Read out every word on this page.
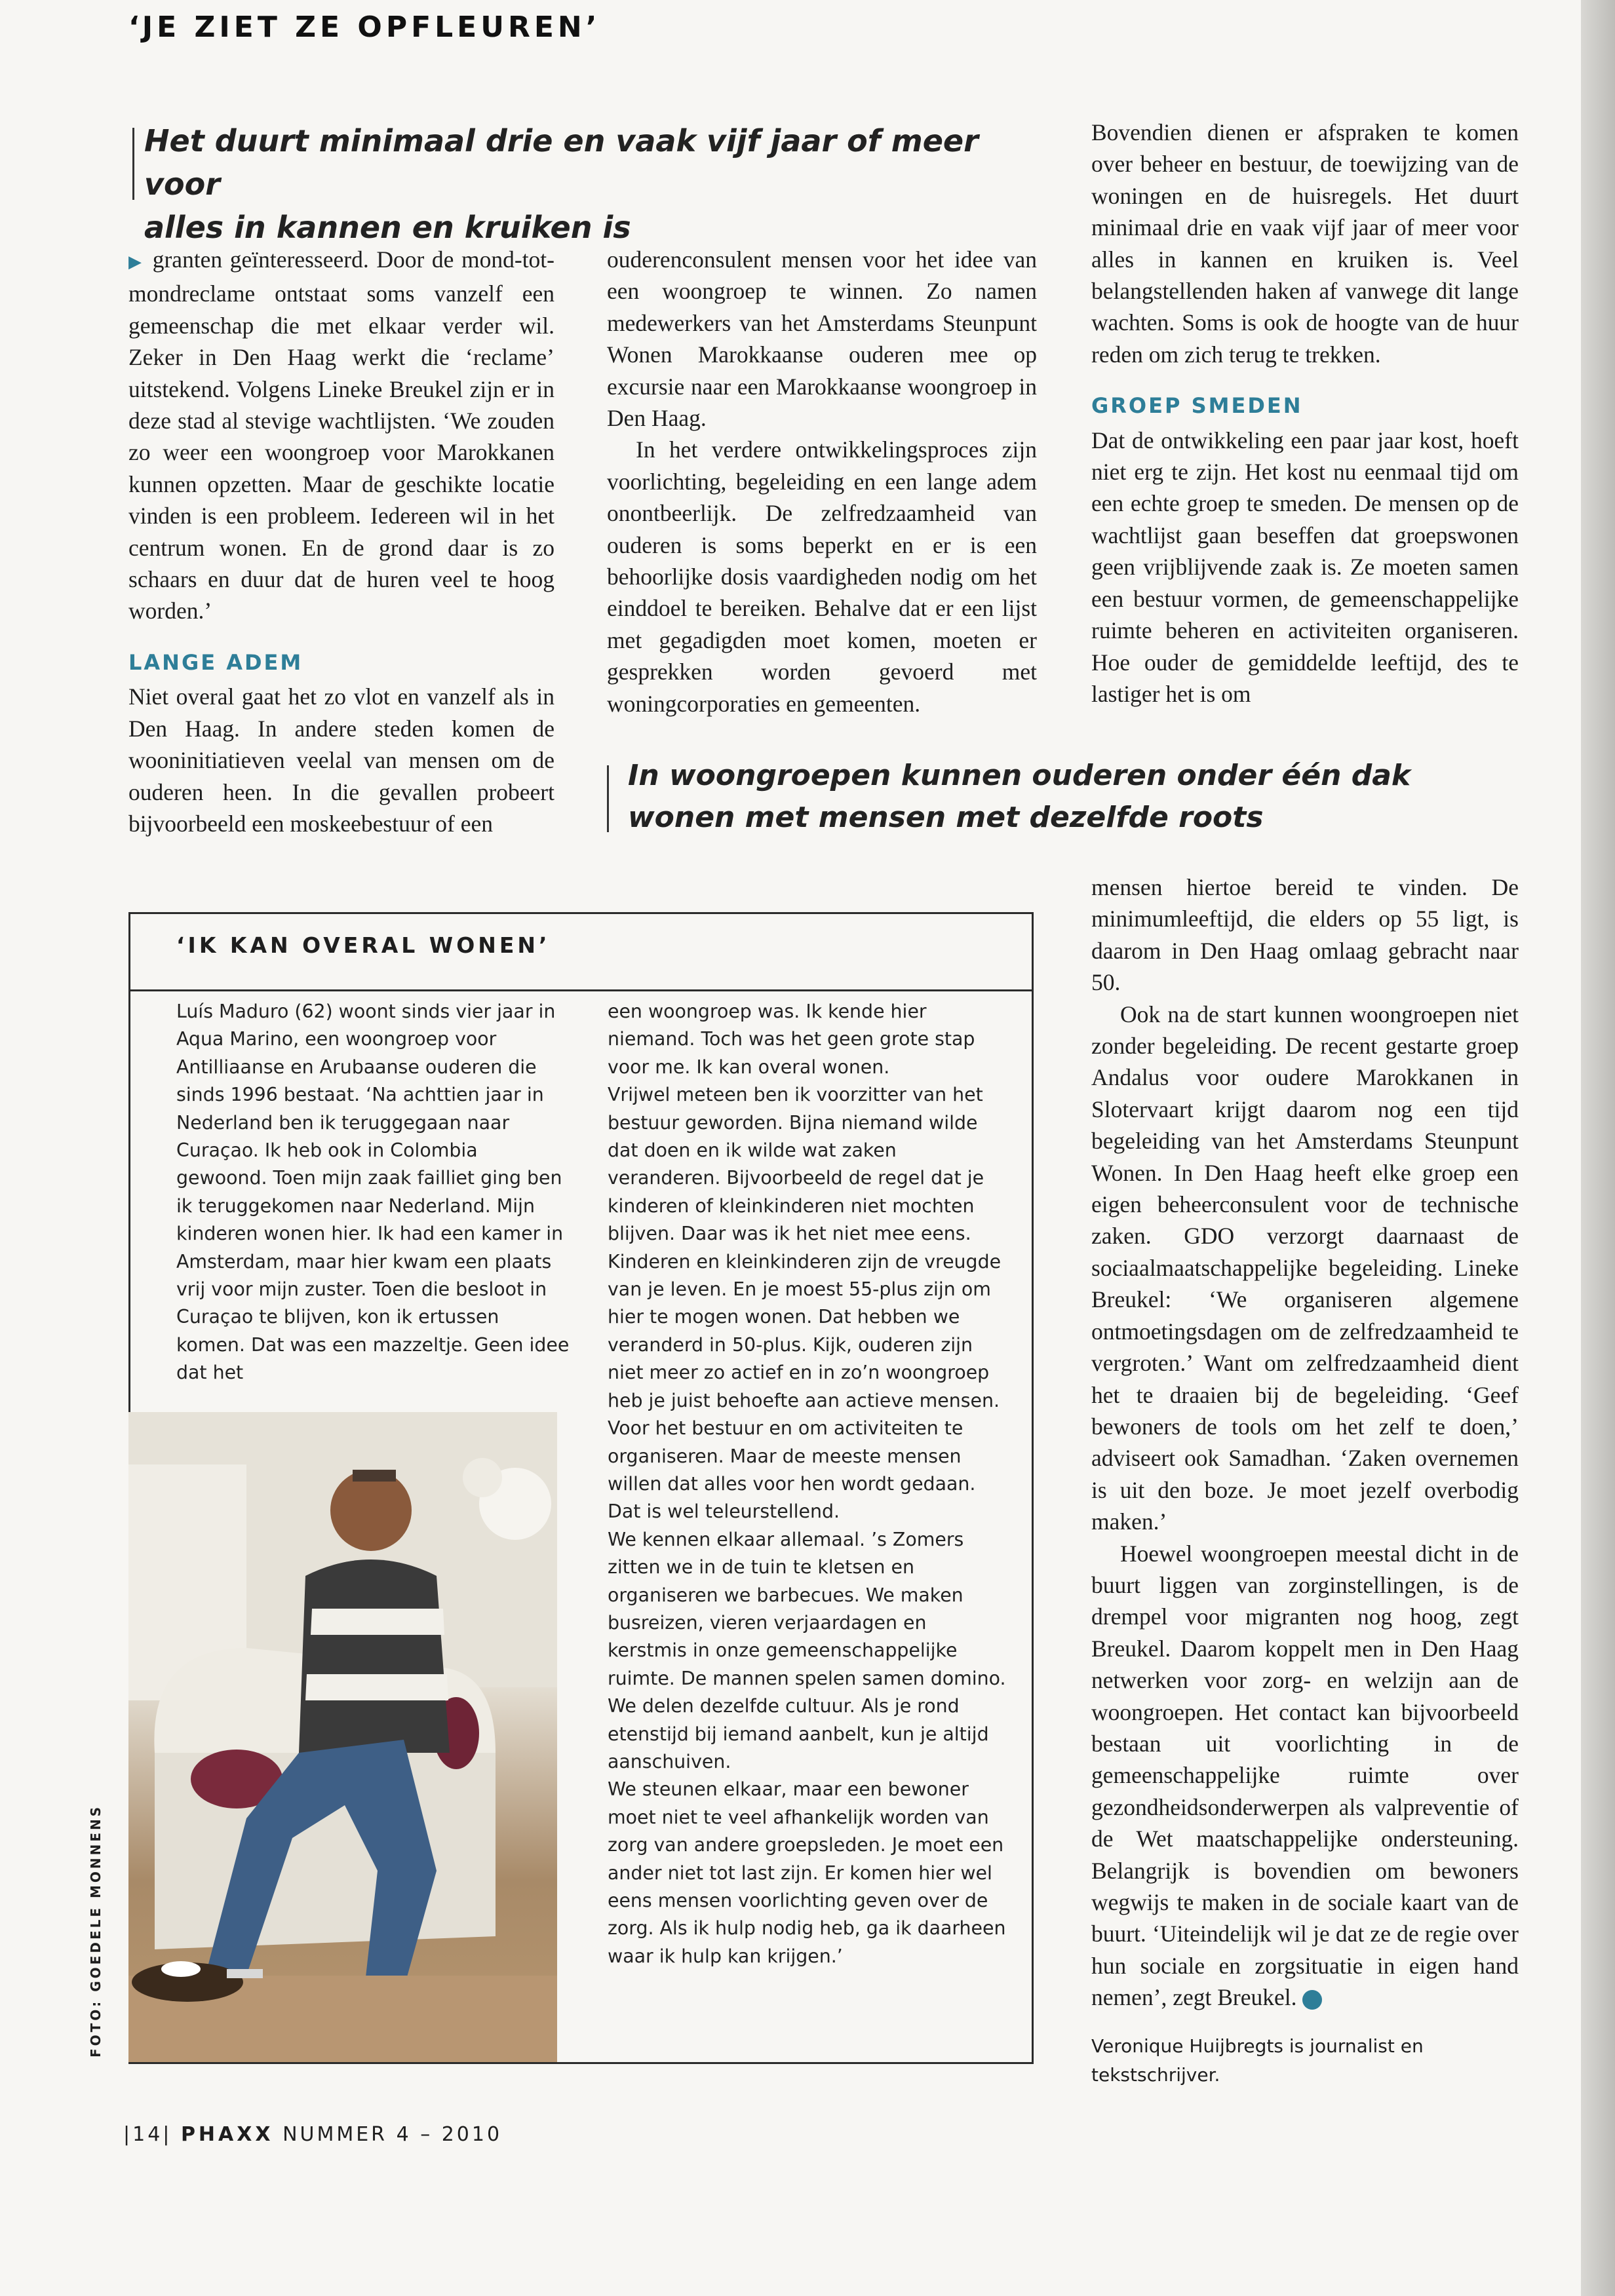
‘JE ZIET ZE OPFLEUREN’
Het duurt minimaal drie en vaak vijf jaar of meer voor
alles in kannen en kruiken is

▶ granten geïnteresseerd. Door de mond-tot-mondreclame ontstaat soms vanzelf een gemeenschap die met elkaar verder wil. Zeker in Den Haag werkt die ‘reclame’ uitstekend. Volgens Lineke Breukel zijn er in deze stad al stevige wachtlijsten. ‘We zouden zo weer een woongroep voor Marokkanen kunnen opzetten. Maar de geschikte locatie vinden is een probleem. Iedereen wil in het centrum wonen. En de grond daar is zo schaars en duur dat de huren veel te hoog worden.’

LANGE ADEM

Niet overal gaat het zo vlot en vanzelf als in Den Haag. In andere steden komen de wooninitiatieven veelal van mensen om de ouderen heen. In die gevallen probeert bijvoorbeeld een moskeebestuur of een

ouderenconsulent mensen voor het idee van een woongroep te winnen. Zo namen medewerkers van het Amsterdams Steunpunt Wonen Marokkaanse ouderen mee op excursie naar een Marokkaanse woongroep in Den Haag.

In het verdere ontwikkelingsproces zijn voorlichting, begeleiding en een lange adem onontbeerlijk. De zelfredzaamheid van ouderen is soms beperkt en er is een behoorlijke dosis vaardigheden nodig om het einddoel te bereiken. Behalve dat er een lijst met gegadigden moet komen, moeten er gesprekken worden gevoerd met woningcorporaties en gemeenten.

Bovendien dienen er afspraken te komen over beheer en bestuur, de toewijzing van de woningen en de huisregels. Het duurt minimaal drie en vaak vijf jaar of meer voor alles in kannen en kruiken is. Veel belangstellenden haken af vanwege dit lange wachten. Soms is ook de hoogte van de huur reden om zich terug te trekken.

GROEP SMEDEN

Dat de ontwikkeling een paar jaar kost, hoeft niet erg te zijn. Het kost nu eenmaal tijd om een echte groep te smeden. De mensen op de wachtlijst gaan beseffen dat groepswonen geen vrijblijvende zaak is. Ze moeten samen een bestuur vormen, de gemeenschappelijke ruimte beheren en activiteiten organiseren. Hoe ouder de gemiddelde leeftijd, des te lastiger het is om

In woongroepen kunnen ouderen onder één dak
wonen met mensen met dezelfde roots

mensen hiertoe bereid te vinden. De minimumleeftijd, die elders op 55 ligt, is daarom in Den Haag omlaag gebracht naar 50.

Ook na de start kunnen woongroepen niet zonder begeleiding. De recent gestarte groep Andalus voor oudere Marokkanen in Slotervaart krijgt daarom nog een tijd begeleiding van het Amsterdams Steunpunt Wonen. In Den Haag heeft elke groep een eigen beheerconsulent voor de technische zaken. GDO verzorgt daarnaast de sociaalmaatschappelijke begeleiding. Lineke Breukel: ‘We organiseren algemene ontmoetingsdagen om de zelfredzaamheid te vergroten.’ Want om zelfredzaamheid dient het te draaien bij de begeleiding. ‘Geef bewoners de tools om het zelf te doen,’ adviseert ook Samadhan. ‘Zaken overnemen is uit den boze. Je moet jezelf overbodig maken.’

Hoewel woongroepen meestal dicht in de buurt liggen van zorginstellingen, is de drempel voor migranten nog hoog, zegt Breukel. Daarom koppelt men in Den Haag netwerken voor zorg- en welzijn aan de woongroepen. Het contact kan bijvoorbeeld bestaan uit voorlichting in de gemeenschappelijke ruimte over gezondheidsonderwerpen als valpreventie of de Wet maatschappelijke ondersteuning. Belangrijk is bovendien om bewoners wegwijs te maken in de sociale kaart van de buurt. ‘Uiteindelijk wil je dat ze de regie over hun sociale en zorgsituatie in eigen hand nemen’, zegt Breukel.

Veronique Huijbregts is journalist en tekstschrijver.

‘IK KAN OVERAL WONEN’

Luís Maduro (62) woont sinds vier jaar in Aqua Marino, een woongroep voor Antilliaanse en Arubaanse ouderen die sinds 1996 bestaat. ‘Na achttien jaar in Nederland ben ik teruggegaan naar Curaçao. Ik heb ook in Colombia gewoond. Toen mijn zaak failliet ging ben ik teruggekomen naar Nederland. Mijn kinderen wonen hier. Ik had een kamer in Amsterdam, maar hier kwam een plaats vrij voor mijn zuster. Toen die besloot in Curaçao te blijven, kon ik ertussen komen. Dat was een mazzeltje. Geen idee dat het

een woongroep was. Ik kende hier niemand. Toch was het geen grote stap voor me. Ik kan overal wonen.

Vrijwel meteen ben ik voorzitter van het bestuur geworden. Bijna niemand wilde dat doen en ik wilde wat zaken veranderen. Bijvoorbeeld de regel dat je kinderen of kleinkinderen niet mochten blijven. Daar was ik het niet mee eens. Kinderen en kleinkinderen zijn de vreugde van je leven. En je moest 55-plus zijn om hier te mogen wonen. Dat hebben we veranderd in 50-plus. Kijk, ouderen zijn niet meer zo actief en in zo’n woongroep heb je juist behoefte aan actieve mensen. Voor het bestuur en om activiteiten te organiseren. Maar de meeste mensen willen dat alles voor hen wordt gedaan. Dat is wel teleurstellend.

We kennen elkaar allemaal. ’s Zomers zitten we in de tuin te kletsen en organiseren we barbecues. We maken busreizen, vieren verjaardagen en kerstmis in onze gemeenschappelijke ruimte. De mannen spelen samen domino. We delen dezelfde cultuur. Als je rond etenstijd bij iemand aanbelt, kun je altijd aanschuiven.

We steunen elkaar, maar een bewoner moet niet te veel afhankelijk worden van zorg van andere groepsleden. Je moet een ander niet tot last zijn. Er komen hier wel eens mensen voorlichting geven over de zorg. Als ik hulp nodig heb, ga ik daarheen waar ik hulp kan krijgen.’

FOTO: GOEDELE MONNENS
|14| PHAXX NUMMER 4 – 2010
